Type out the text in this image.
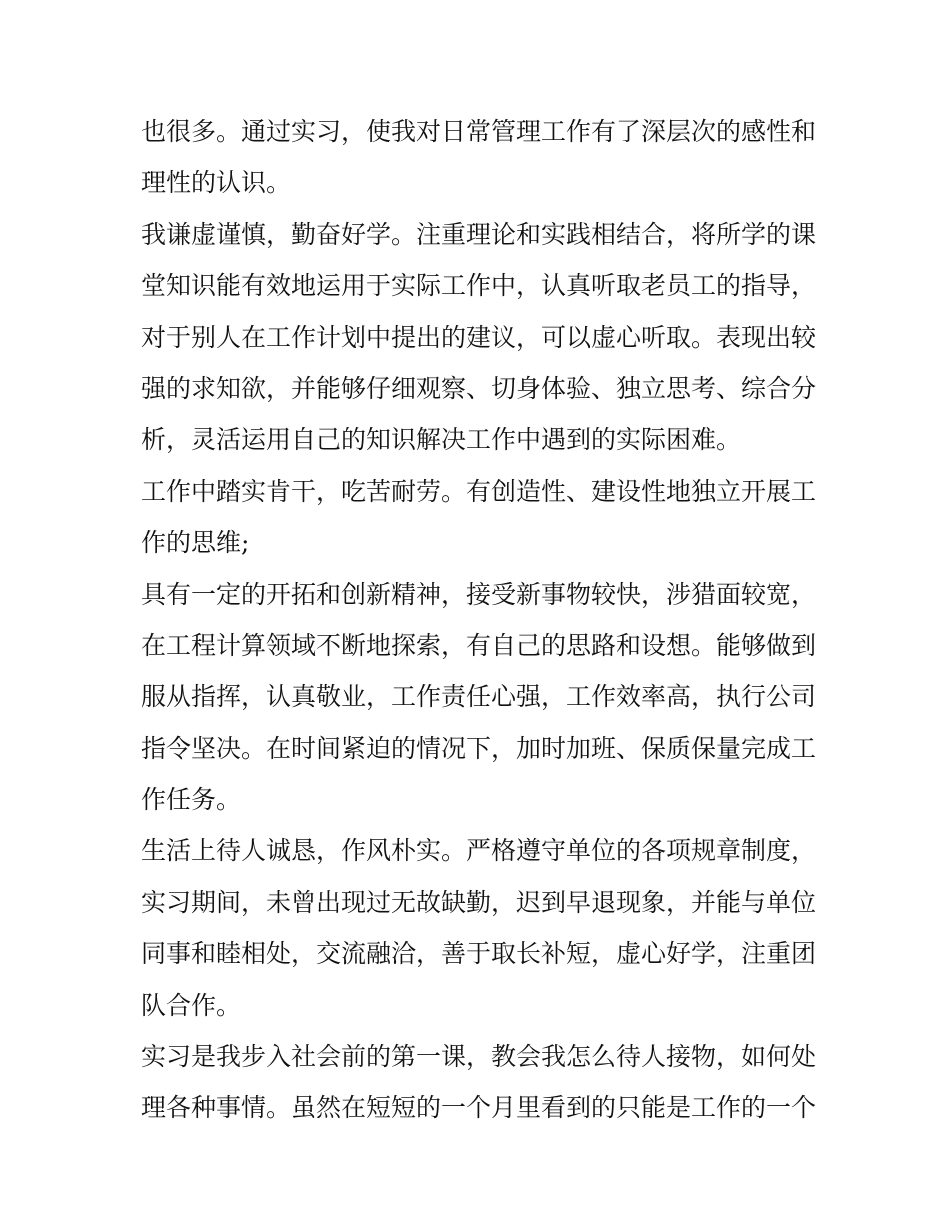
也很多。通过实习，使我对日常管理工作有了深层次的感性和
理性的认识。
我谦虚谨慎，勤奋好学。注重理论和实践相结合，将所学的课
堂知识能有效地运用于实际工作中，认真听取老员工的指导，
对于别人在工作计划中提出的建议，可以虚心听取。表现出较
强的求知欲，并能够仔细观察、切身体验、独立思考、综合分
析，灵活运用自己的知识解决工作中遇到的实际困难。
工作中踏实肯干，吃苦耐劳。有创造性、建设性地独立开展工
作的思维;
具有一定的开拓和创新精神，接受新事物较快，涉猎面较宽，
在工程计算领域不断地探索，有自己的思路和设想。能够做到
服从指挥，认真敬业，工作责任心强，工作效率高，执行公司
指令坚决。在时间紧迫的情况下，加时加班、保质保量完成工
作任务。
生活上待人诚恳，作风朴实。严格遵守单位的各项规章制度，
实习期间，未曾出现过无故缺勤，迟到早退现象，并能与单位
同事和睦相处，交流融洽，善于取长补短，虚心好学，注重团
队合作。
实习是我步入社会前的第一课，教会我怎么待人接物，如何处
理各种事情。虽然在短短的一个月里看到的只能是工作的一个
